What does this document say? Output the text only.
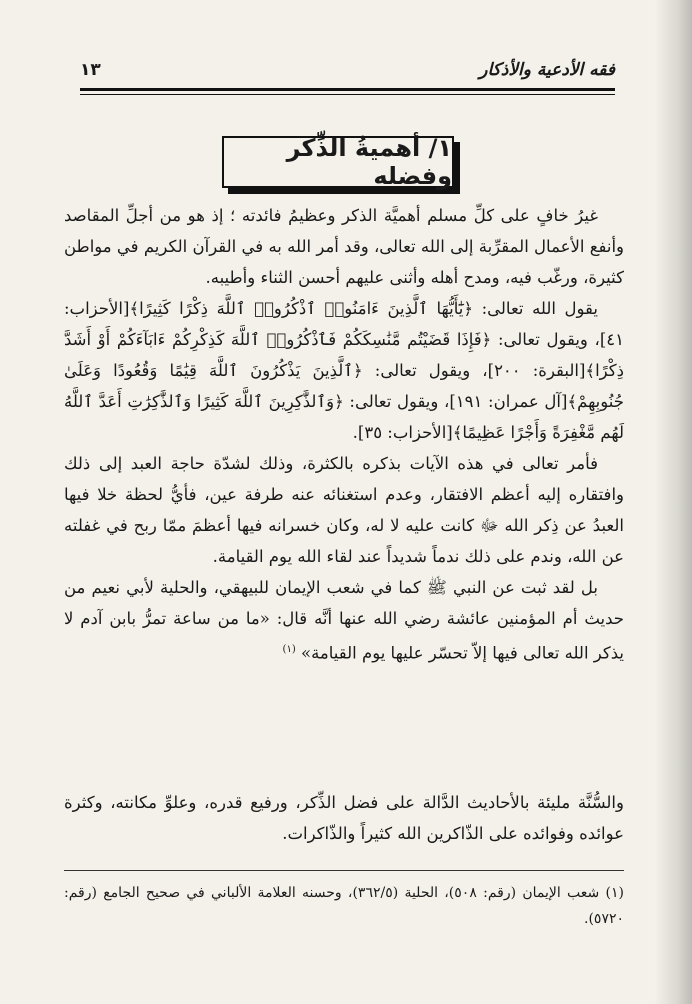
فقه الأدعية والأذكار
١٣
١/ أهميةُ الذِّكر وفضله

غيرُ خافٍ على كلِّ مسلم أهميَّة الذكر وعظيمُ فائدته ؛ إذ هو من أجلِّ المقاصد وأنفع الأعمال المقرِّبة إلى الله تعالى، وقد أمر الله به في القرآن الكريم في مواطن كثيرة، ورغّب فيه، ومدح أهله وأثنى عليهم أحسن الثناء وأطيبه.

يقول الله تعالى: ﴿يَٰٓأَيُّهَا ٱلَّذِينَ ءَامَنُوا۟ ٱذْكُرُوا۟ ٱللَّهَ ذِكْرًا كَثِيرًا﴾[الأحزاب: ٤١]، ويقول تعالى: ﴿فَإِذَا قَضَيْتُم مَّنَٰسِكَكُمْ فَٱذْكُرُوا۟ ٱللَّهَ كَذِكْرِكُمْ ءَابَآءَكُمْ أَوْ أَشَدَّ ذِكْرًا﴾[البقرة: ٢٠٠]، ويقول تعالى: ﴿ٱلَّذِينَ يَذْكُرُونَ ٱللَّهَ قِيَٰمًا وَقُعُودًا وَعَلَىٰ جُنُوبِهِمْ﴾[آل عمران: ١٩١]، ويقول تعالى: ﴿وَٱلذَّٰكِرِينَ ٱللَّهَ كَثِيرًا وَٱلذَّٰكِرَٰتِ أَعَدَّ ٱللَّهُ لَهُم مَّغْفِرَةً وَأَجْرًا عَظِيمًا﴾[الأحزاب: ٣٥].

فأمر تعالى في هذه الآيات بذكره بالكثرة، وذلك لشدّة حاجة العبد إلى ذلك وافتقاره إليه أعظم الافتقار، وعدم استغنائه عنه طرفة عين، فأيُّ لحظة خلا فيها العبدُ عن ذِكر الله ﷻ كانت عليه لا له، وكان خسرانه فيها أعظمَ ممّا ربح في غفلته عن الله، وندم على ذلك ندماً شديداً عند لقاء الله يوم القيامة.

بل لقد ثبت عن النبي ﷺ كما في شعب الإيمان للبيهقي، والحلية لأبي نعيم من حديث أم المؤمنين عائشة رضي الله عنها أنَّه قال: «ما من ساعة تمرُّ بابن آدم لا يذكر الله تعالى فيها إلاّ تحسّر عليها يوم القيامة» $^{(١)}$

والسُّنَّة مليئة بالأحاديث الدَّالة على فضل الذِّكر، ورفيع قدره، وعلوِّ مكانته، وكثرة عوائده وفوائده على الذّاكرين الله كثيراً والذّاكرات.

(١) شعب الإيمان (رقم: ٥٠٨)، الحلية (٣٦٢/٥)، وحسنه العلامة الألباني في صحيح الجامع (رقم: ٥٧٢٠).
